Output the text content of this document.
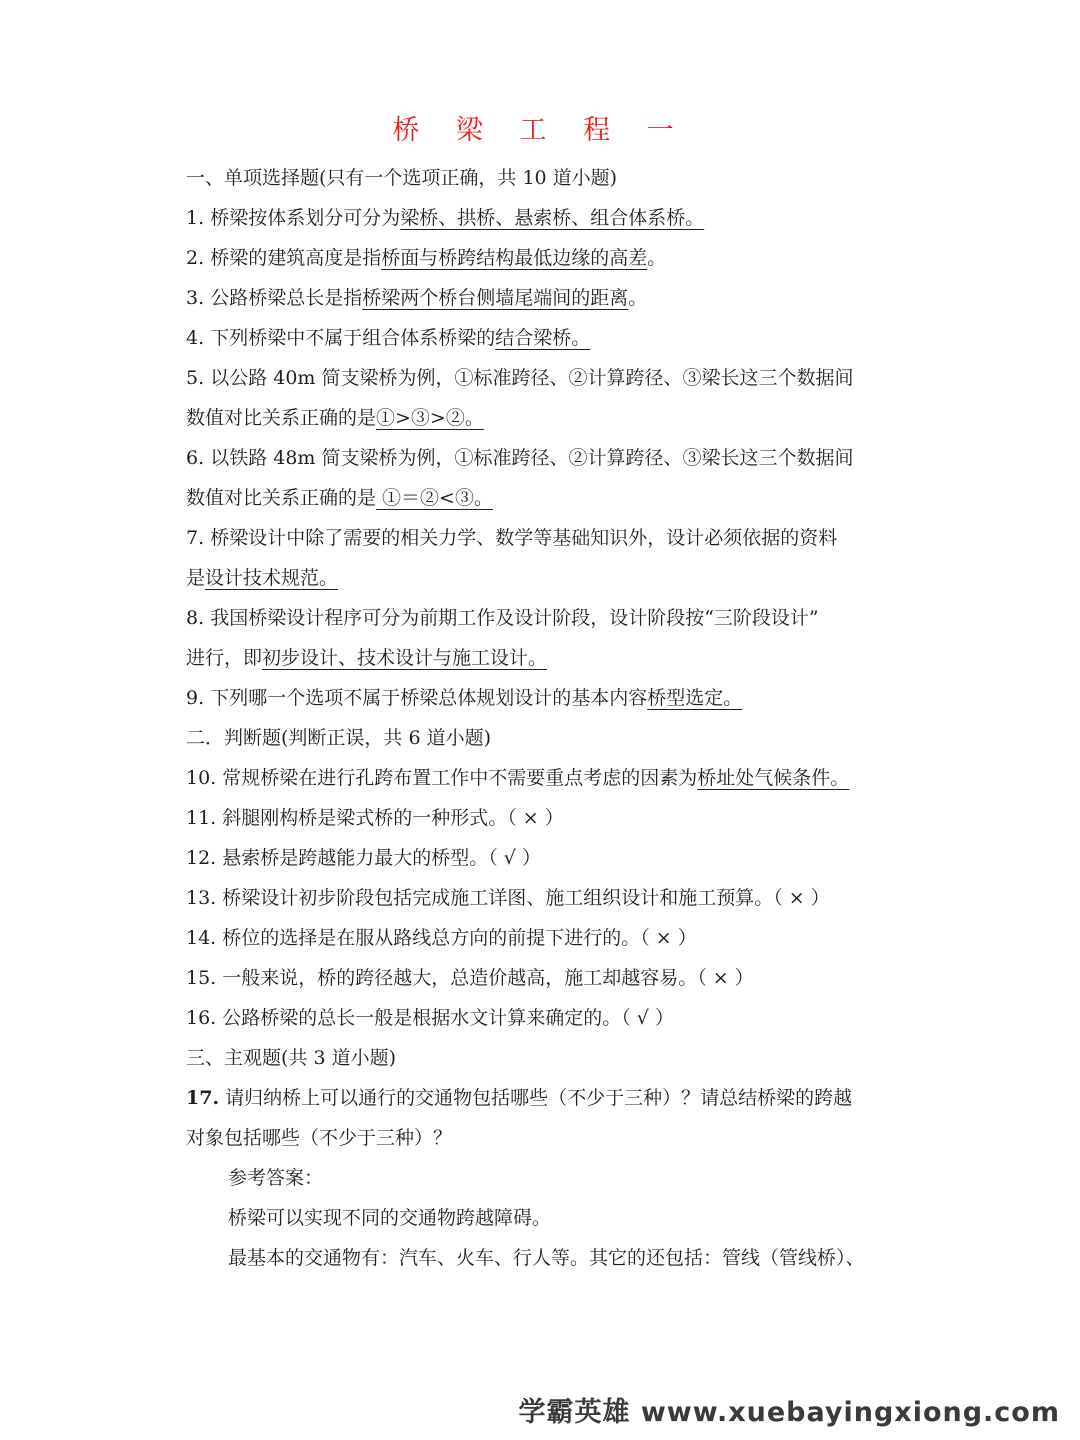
桥 梁 工 程 一
一、单项选择题(只有一个选项正确，共 10 道小题)
1. 桥梁按体系划分可分为梁桥、拱桥、悬索桥、组合体系桥。
2. 桥梁的建筑高度是指桥面与桥跨结构最低边缘的高差。
3. 公路桥梁总长是指桥梁两个桥台侧墙尾端间的距离。
4. 下列桥梁中不属于组合体系桥梁的结合梁桥。
5. 以公路 40m 简支梁桥为例，①标准跨径、②计算跨径、③梁长这三个数据间
数值对比关系正确的是①>③>②。
6. 以铁路 48m 简支梁桥为例，①标准跨径、②计算跨径、③梁长这三个数据间
数值对比关系正确的是 ①＝②<③。
7. 桥梁设计中除了需要的相关力学、数学等基础知识外，设计必须依据的资料
是设计技术规范。
8. 我国桥梁设计程序可分为前期工作及设计阶段，设计阶段按“三阶段设计”
进行，即初步设计、技术设计与施工设计。
9. 下列哪一个选项不属于桥梁总体规划设计的基本内容桥型选定。
二．判断题(判断正误，共 6 道小题)
10. 常规桥梁在进行孔跨布置工作中不需要重点考虑的因素为桥址处气候条件。
11. 斜腿刚构桥是梁式桥的一种形式。（ × ）
12. 悬索桥是跨越能力最大的桥型。（ √ ）
13. 桥梁设计初步阶段包括完成施工详图、施工组织设计和施工预算。（ × ）
14. 桥位的选择是在服从路线总方向的前提下进行的。（ × ）
15. 一般来说，桥的跨径越大，总造价越高，施工却越容易。（ × ）
16. 公路桥梁的总长一般是根据水文计算来确定的。（ √ ）
三、主观题(共 3 道小题)
17. 请归纳桥上可以通行的交通物包括哪些（不少于三种）？请总结桥梁的跨越
对象包括哪些（不少于三种）？
参考答案：
桥梁可以实现不同的交通物跨越障碍。
最基本的交通物有：汽车、火车、行人等。其它的还包括：管线（管线桥）、
学霸英雄 www.xuebayingxiong.com
